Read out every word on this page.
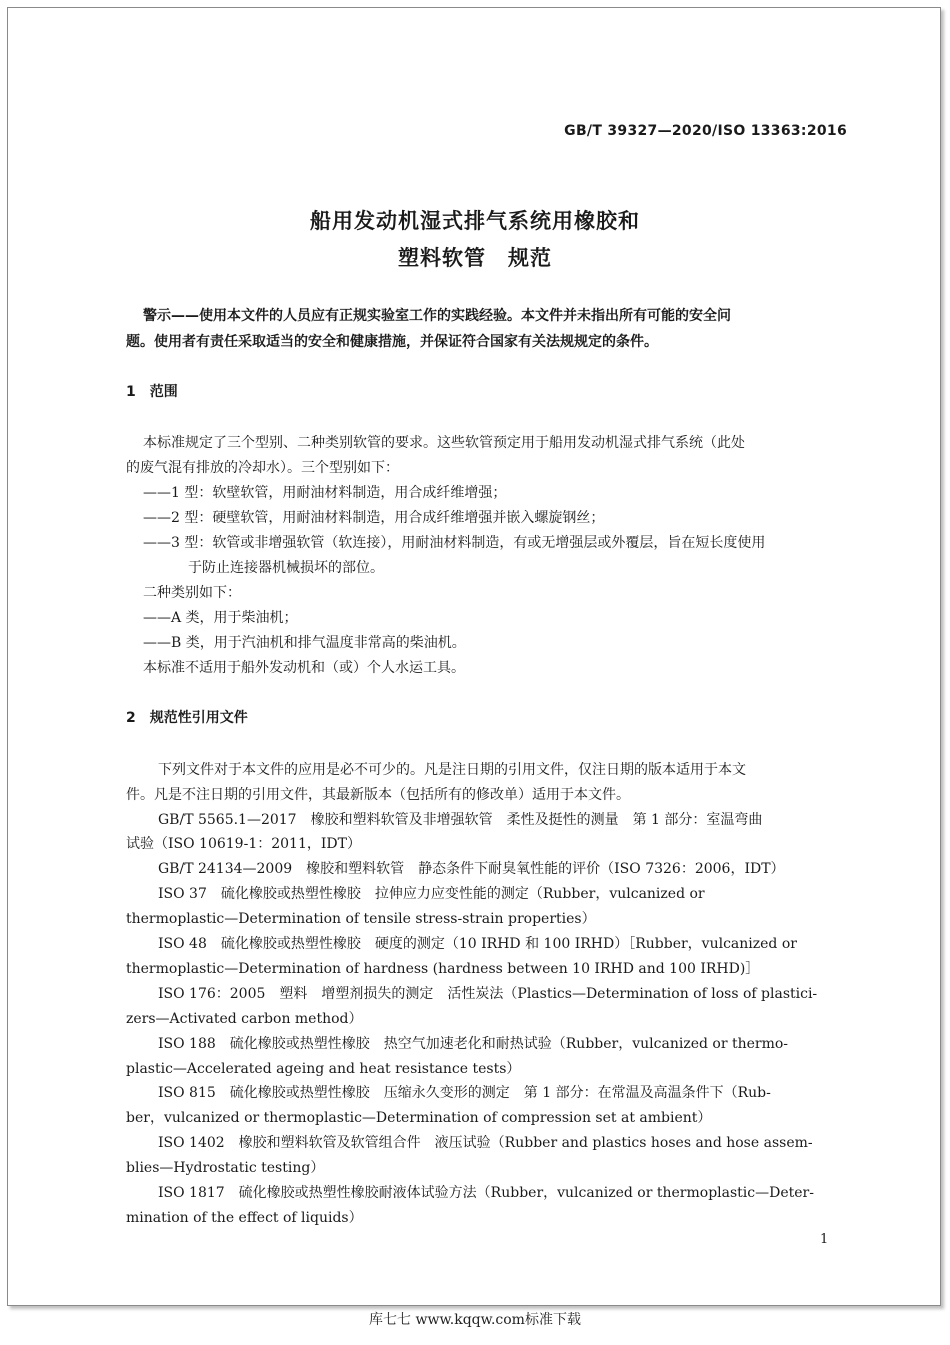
GB/T 39327—2020/ISO 13363:2016
船用发动机湿式排气系统用橡胶和
塑料软管　规范
警示——使用本文件的人员应有正规实验室工作的实践经验。本文件并未指出所有可能的安全问
题。使用者有责任采取适当的安全和健康措施，并保证符合国家有关法规规定的条件。
1　范围
本标准规定了三个型别、二种类别软管的要求。这些软管预定用于船用发动机湿式排气系统（此处
的废气混有排放的冷却水）。三个型别如下：
——1 型：软壁软管，用耐油材料制造，用合成纤维增强；
——2 型：硬壁软管，用耐油材料制造，用合成纤维增强并嵌入螺旋钢丝；
——3 型：软管或非增强软管（软连接），用耐油材料制造，有或无增强层或外覆层，旨在短长度使用
于防止连接器机械损坏的部位。
二种类别如下：
——A 类，用于柴油机；
——B 类，用于汽油机和排气温度非常高的柴油机。
本标准不适用于船外发动机和（或）个人水运工具。
2　规范性引用文件
下列文件对于本文件的应用是必不可少的。凡是注日期的引用文件，仅注日期的版本适用于本文
件。凡是不注日期的引用文件，其最新版本（包括所有的修改单）适用于本文件。
GB/T 5565.1—2017　橡胶和塑料软管及非增强软管　柔性及挺性的测量　第 1 部分：室温弯曲
试验（ISO 10619-1：2011，IDT）
GB/T 24134—2009　橡胶和塑料软管　静态条件下耐臭氧性能的评价（ISO 7326：2006，IDT）
ISO 37　硫化橡胶或热塑性橡胶　拉伸应力应变性能的测定（Rubber，vulcanized or
thermoplastic—Determination of tensile stress-strain properties）
ISO 48　硫化橡胶或热塑性橡胶　硬度的测定（10 IRHD 和 100 IRHD）［Rubber，vulcanized or
thermoplastic—Determination of hardness (hardness between 10 IRHD and 100 IRHD)］
ISO 176：2005　塑料　增塑剂损失的测定　活性炭法（Plastics—Determination of loss of plastici-
zers—Activated carbon method）
ISO 188　硫化橡胶或热塑性橡胶　热空气加速老化和耐热试验（Rubber，vulcanized or thermo-
plastic—Accelerated ageing and heat resistance tests）
ISO 815　硫化橡胶或热塑性橡胶　压缩永久变形的测定　第 1 部分：在常温及高温条件下（Rub-
ber，vulcanized or thermoplastic—Determination of compression set at ambient）
ISO 1402　橡胶和塑料软管及软管组合件　液压试验（Rubber and plastics hoses and hose assem-
blies—Hydrostatic testing）
ISO 1817　硫化橡胶或热塑性橡胶耐液体试验方法（Rubber，vulcanized or thermoplastic—Deter-
mination of the effect of liquids）
1
库七七 www.kqqw.com标准下载
